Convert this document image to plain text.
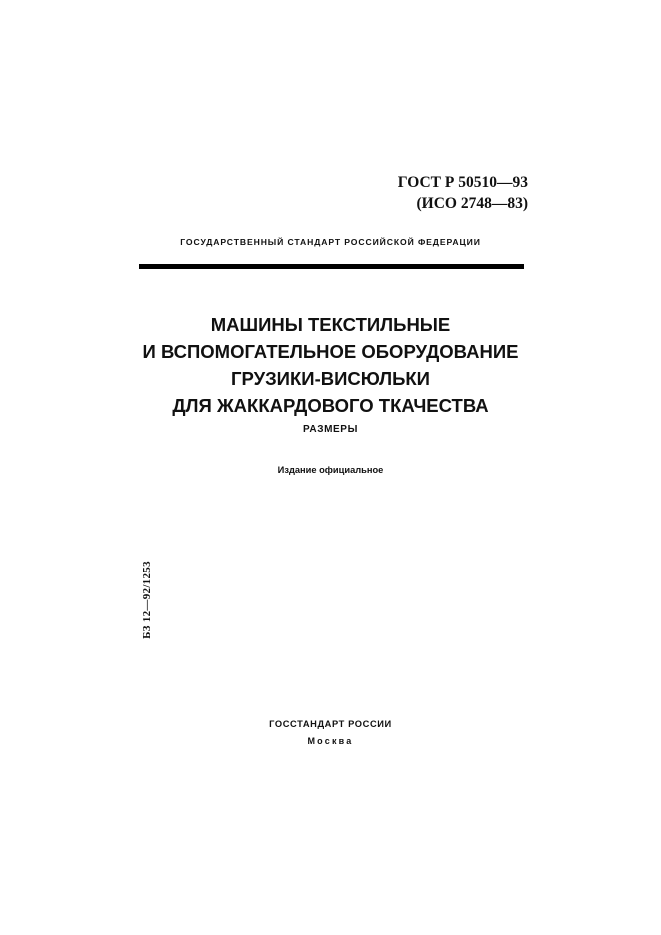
ГОСТ Р 50510—93
(ИСО 2748—83)
ГОСУДАРСТВЕННЫЙ СТАНДАРТ РОССИЙСКОЙ ФЕДЕРАЦИИ
МАШИНЫ ТЕКСТИЛЬНЫЕ
И ВСПОМОГАТЕЛЬНОЕ ОБОРУДОВАНИЕ
ГРУЗИКИ-ВИСЮЛЬКИ
ДЛЯ ЖАККАРДОВОГО ТКАЧЕСТВА
РАЗМЕРЫ
Издание официальное
БЗ 12—92/1253
ГОССТАНДАРТ РОССИИ
Москва
